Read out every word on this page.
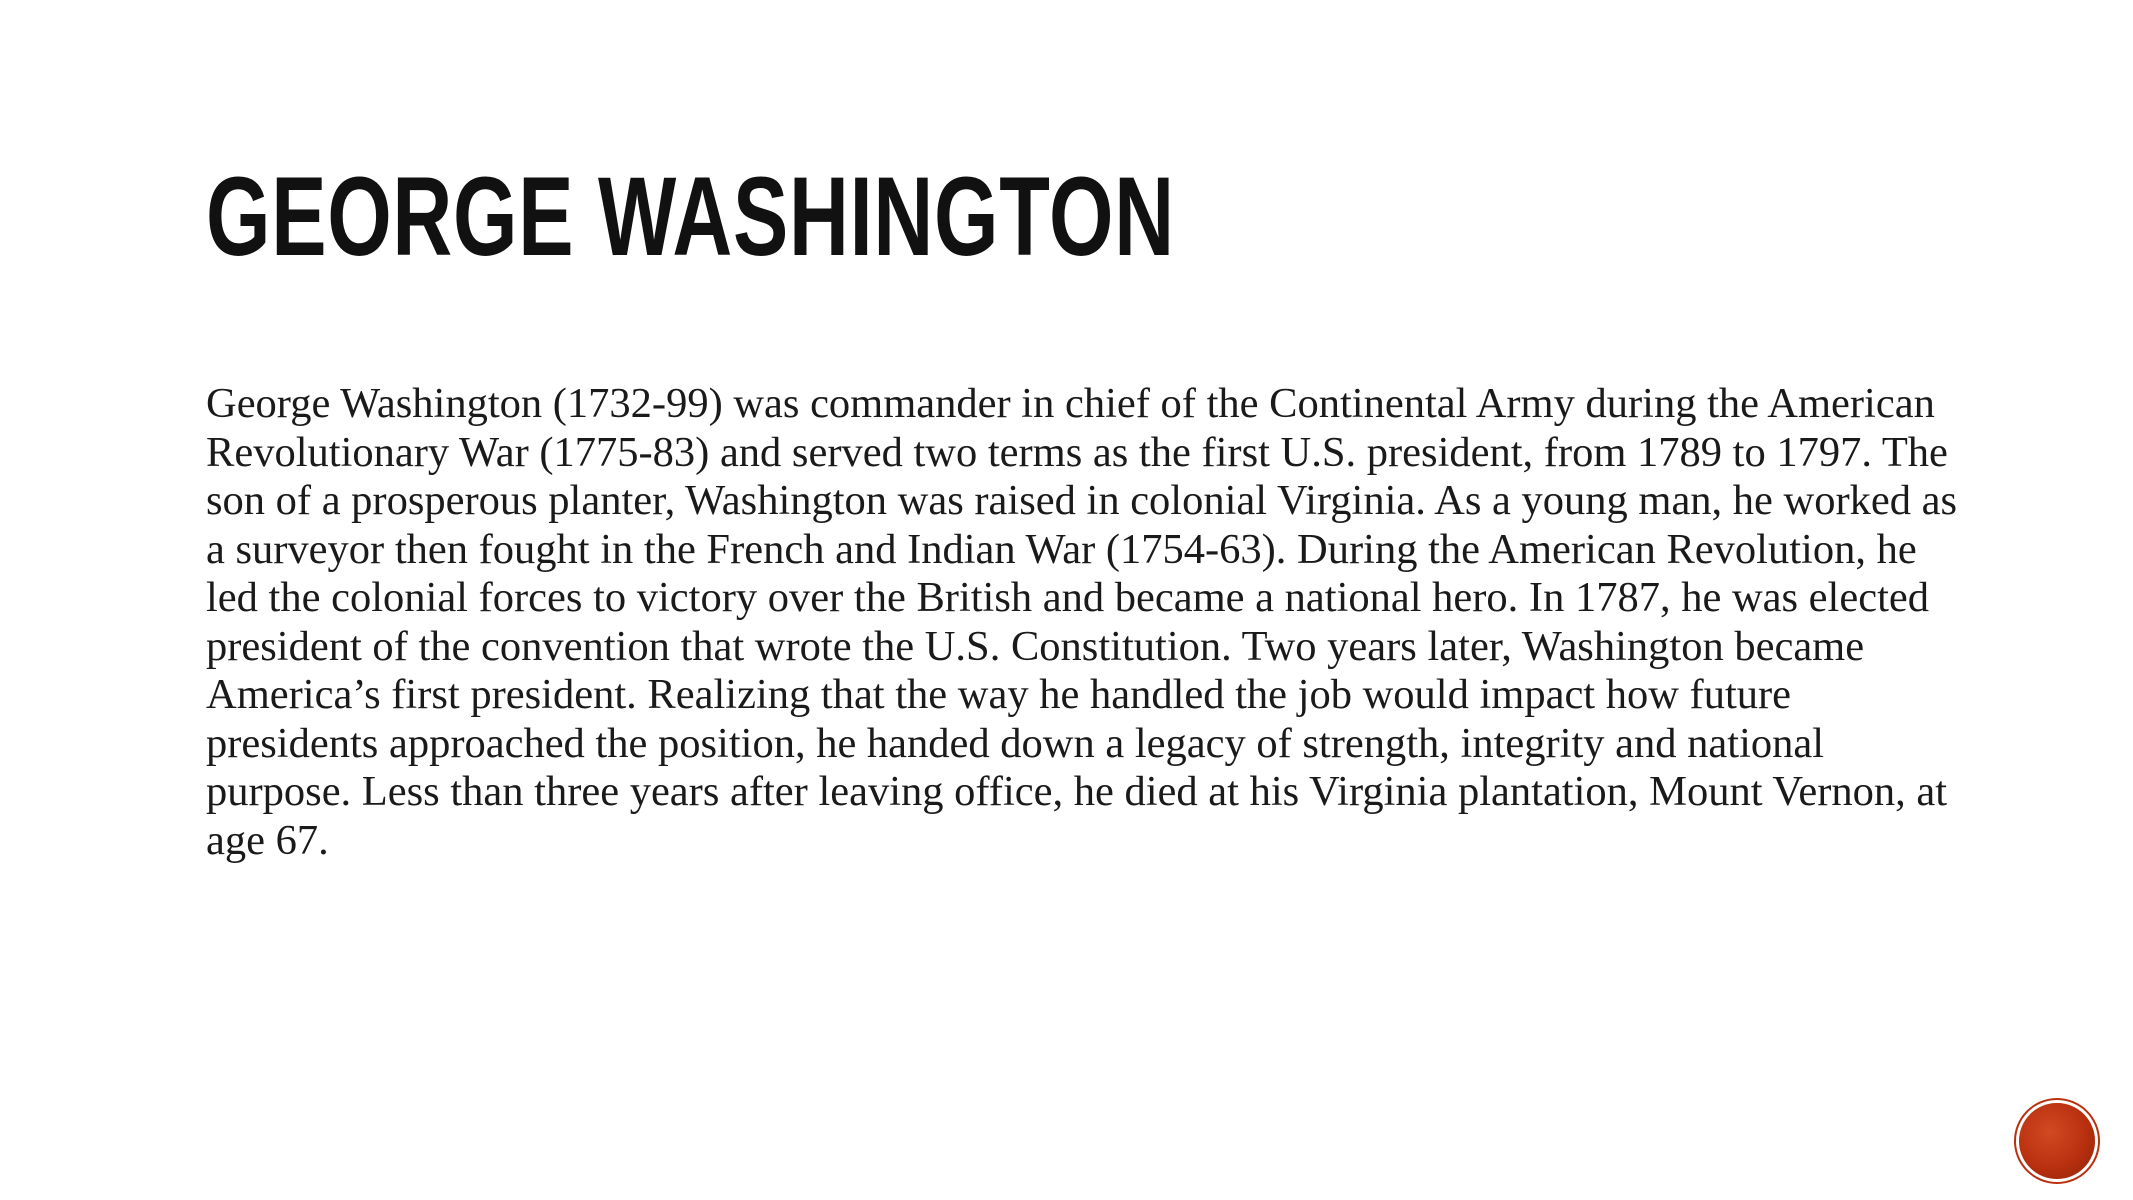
GEORGE WASHINGTON

George Washington (1732-99) was commander in chief of the Continental Army during the American Revolutionary War (1775-83) and served two terms as the first U.S. president, from 1789 to 1797. The son of a prosperous planter, Washington was raised in colonial Virginia. As a young man, he worked as a surveyor then fought in the French and Indian War (1754-63). During the American Revolution, he led the colonial forces to victory over the British and became a national hero. In 1787, he was elected president of the convention that wrote the U.S. Constitution. Two years later, Washington became America’s first president. Realizing that the way he handled the job would impact how future presidents approached the position, he handed down a legacy of strength, integrity and national purpose. Less than three years after leaving office, he died at his Virginia plantation, Mount Vernon, at age 67.
